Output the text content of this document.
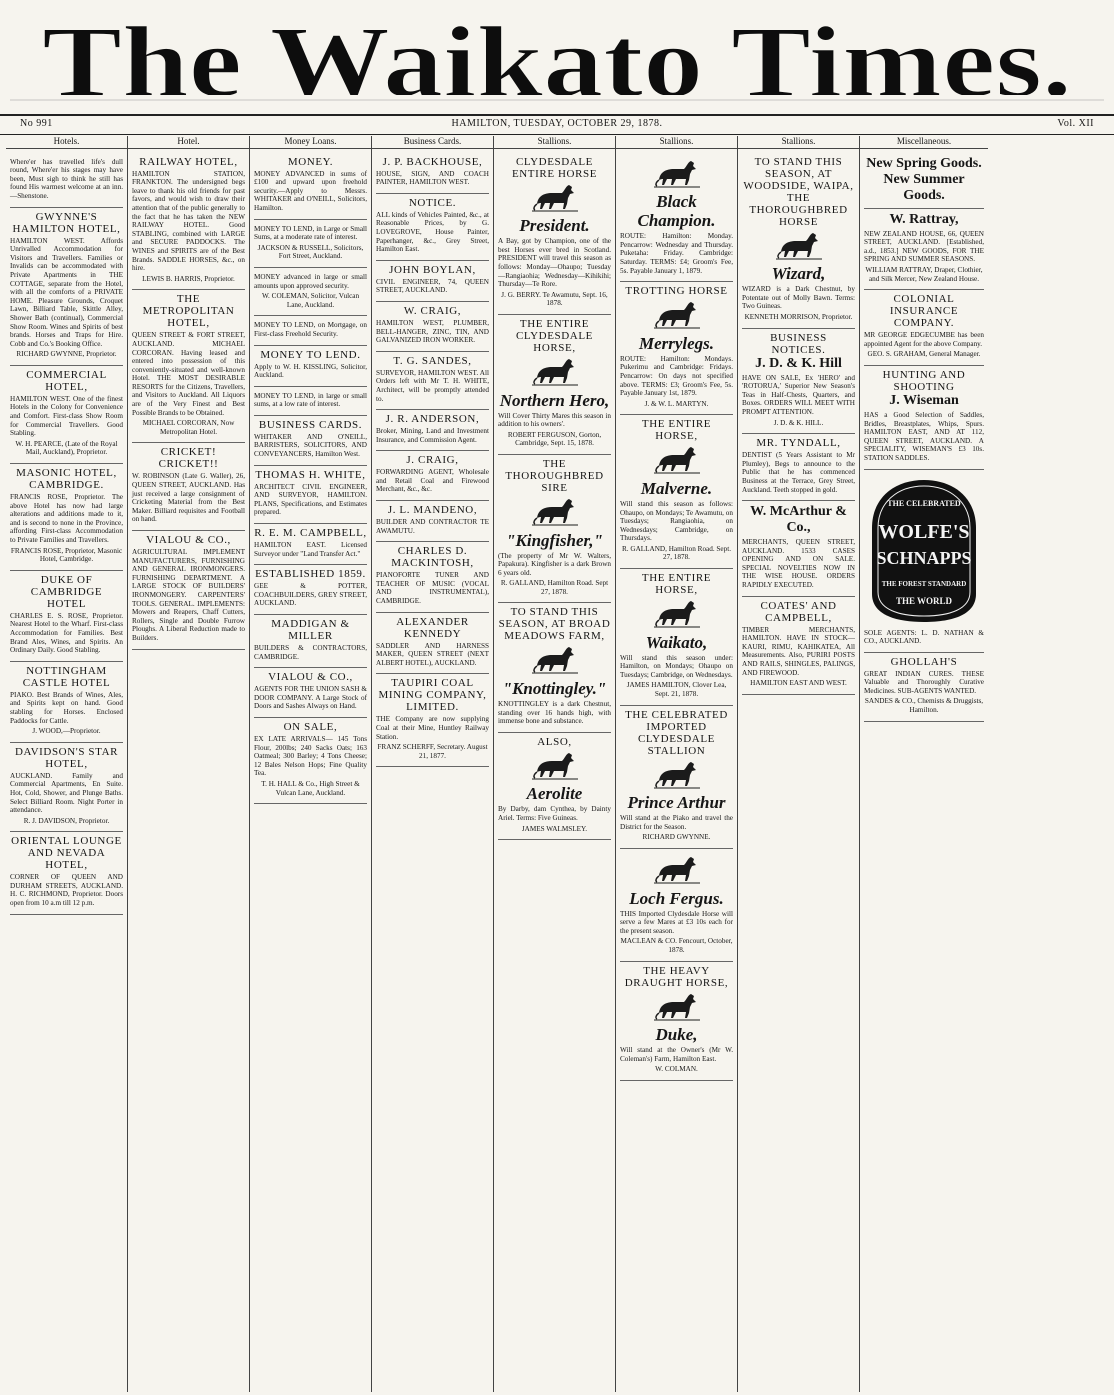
The Waikato Times.
No 991	HAMILTON, TUESDAY, OCTOBER 29, 1878.	Vol. XII
Hotels.

Where'er has travelled life's dull round, Where'er his stages may have been, Must sigh to think he still has found His warmest welcome at an inn. —Shenstone.

GWYNNE'S HAMILTON HOTEL,

HAMILTON WEST. Affords Unrivalled Accommodation for Visitors and Travellers. Families or Invalids can be accommodated with Private Apartments in THE COTTAGE, separate from the Hotel, with all the comforts of a PRIVATE HOME. Pleasure Grounds, Croquet Lawn, Billiard Table, Skittle Alley, Shower Bath (continual), Commercial Show Room. Wines and Spirits of best brands. Horses and Traps for Hire. Cobb and Co.'s Booking Office.

RICHARD GWYNNE, Proprietor.

COMMERCIAL HOTEL,

HAMILTON WEST. One of the finest Hotels in the Colony for Convenience and Comfort. First-class Show Room for Commercial Travellers. Good Stabling.

W. H. PEARCE, (Late of the Royal Mail, Auckland), Proprietor.

MASONIC HOTEL, CAMBRIDGE.

FRANCIS ROSE, Proprietor. The above Hotel has now had large alterations and additions made to it, and is second to none in the Province, affording First-class Accommodation to Private Families and Travellers.

FRANCIS ROSE, Proprietor, Masonic Hotel, Cambridge.

DUKE OF CAMBRIDGE HOTEL

CHARLES E. S. ROSE, Proprietor. Nearest Hotel to the Wharf. First-class Accommodation for Families. Best Brand Ales, Wines, and Spirits. An Ordinary Daily. Good Stabling.

NOTTINGHAM CASTLE HOTEL

PIAKO. Best Brands of Wines, Ales, and Spirits kept on hand. Good stabling for Horses. Enclosed Paddocks for Cattle.

J. WOOD,—Proprietor.

DAVIDSON'S STAR HOTEL,

AUCKLAND. Family and Commercial Apartments, En Suite. Hot, Cold, Shower, and Plunge Baths. Select Billiard Room. Night Porter in attendance.

R. J. DAVIDSON, Proprietor.

ORIENTAL LOUNGE AND NEVADA HOTEL,

CORNER OF QUEEN AND DURHAM STREETS, AUCKLAND. H. C. RICHMOND, Proprietor. Doors open from 10 a.m till 12 p.m.

Hotel.
RAILWAY HOTEL,

HAMILTON STATION, FRANKTON. The undersigned begs leave to thank his old friends for past favors, and would wish to draw their attention that of the public generally to the fact that he has taken the NEW RAILWAY HOTEL. Good STABLING, combined with LARGE and SECURE PADDOCKS. The WINES and SPIRITS are of the Best Brands. SADDLE HORSES, &c., on hire.

LEWIS B. HARRIS, Proprietor.

THE METROPOLITAN HOTEL,

QUEEN STREET & FORT STREET, AUCKLAND. MICHAEL CORCORAN. Having leased and entered into possession of this conveniently-situated and well-known Hotel. THE MOST DESIRABLE RESORTS for the Citizens, Travellers, and Visitors to Auckland. All Liquors are of the Very Finest and Best Possible Brands to be Obtained.

MICHAEL CORCORAN, Now Metropolitan Hotel.

CRICKET! CRICKET!!

W. ROBINSON (Late G. Waller), 26, QUEEN STREET, AUCKLAND. Has just received a large consignment of Cricketing Material from the Best Maker. Billiard requisites and Football on hand.

VIALOU & CO.,

AGRICULTURAL IMPLEMENT MANUFACTURERS, FURNISHING AND GENERAL IRONMONGERS. FURNISHING DEPARTMENT. A LARGE STOCK OF BUILDERS' IRONMONGERY. CARPENTERS' TOOLS. GENERAL. IMPLEMENTS: Mowers and Reapers, Chaff Cutters, Rollers, Single and Double Furrow Ploughs. A Liberal Reduction made to Builders.

Money Loans.
MONEY.

MONEY ADVANCED in sums of £100 and upward upon freehold security.—Apply to Messrs. WHITAKER and O'NEILL, Solicitors, Hamilton.

MONEY TO LEND, in Large or Small Sums, at a moderate rate of interest.

JACKSON & RUSSELL, Solicitors, Fort Street, Auckland.

MONEY advanced in large or small amounts upon approved security.

W. COLEMAN, Solicitor, Vulcan Lane, Auckland.

MONEY TO LEND, on Mortgage, on First-class Freehold Security.

MONEY TO LEND.

Apply to W. H. KISSLING, Solicitor, Auckland.

MONEY TO LEND, in large or small sums, at a low rate of interest.

BUSINESS CARDS.

WHITAKER AND O'NEILL, BARRISTERS, SOLICITORS, AND CONVEYANCERS, Hamilton West.

THOMAS H. WHITE,

ARCHITECT CIVIL ENGINEER, AND SURVEYOR, HAMILTON. PLANS, Specifications, and Estimates prepared.

R. E. M. CAMPBELL,

HAMILTON EAST. Licensed Surveyor under "Land Transfer Act."

ESTABLISHED 1859.

GEE & POTTER, COACHBUILDERS, GREY STREET, AUCKLAND.

MADDIGAN & MILLER

BUILDERS & CONTRACTORS, CAMBRIDGE.

VIALOU & CO.,

AGENTS FOR THE UNION SASH & DOOR COMPANY. A Large Stock of Doors and Sashes Always on Hand.

ON SALE,

EX LATE ARRIVALS— 145 Tons Flour, 200lbs; 240 Sacks Oats; 163 Oatmeal; 300 Barley; 4 Tons Cheese; 12 Bales Nelson Hops; Fine Quality Tea.

T. H. HALL & Co., High Street & Vulcan Lane, Auckland.

Business Cards.
J. P. BACKHOUSE,

HOUSE, SIGN, AND COACH PAINTER, HAMILTON WEST.

NOTICE.

ALL kinds of Vehicles Painted, &c., at Reasonable Prices, by G. LOVEGROVE, House Painter, Paperhanger, &c., Grey Street, Hamilton East.

JOHN BOYLAN,

CIVIL ENGINEER, 74, QUEEN STREET, AUCKLAND.

W. CRAIG,

HAMILTON WEST, PLUMBER, BELL-HANGER, ZINC, TIN, AND GALVANIZED IRON WORKER.

T. G. SANDES,

SURVEYOR, HAMILTON WEST. All Orders left with Mr T. H. WHITE, Architect, will be promptly attended to.

J. R. ANDERSON,

Broker, Mining, Land and Investment Insurance, and Commission Agent.

J. CRAIG,

FORWARDING AGENT, Wholesale and Retail Coal and Firewood Merchant, &c., &c.

J. L. MANDENO,

BUILDER AND CONTRACTOR TE AWAMUTU.

CHARLES D. MACKINTOSH,

PIANOFORTE TUNER AND TEACHER OF MUSIC (VOCAL AND INSTRUMENTAL), CAMBRIDGE.

ALEXANDER KENNEDY

SADDLER AND HARNESS MAKER, QUEEN STREET (NEXT ALBERT HOTEL), AUCKLAND.

TAUPIRI COAL MINING COMPANY, LIMITED.

THE Company are now supplying Coal at their Mine, Huntley Railway Station.

FRANZ SCHERFF, Secretary. August 21, 1877.

Stallions.
CLYDESDALE ENTIRE HORSE
President.

A Bay, got by Champion, one of the best Horses ever bred in Scotland. PRESIDENT will travel this season as follows: Monday—Ohaupo; Tuesday—Rangiaohia; Wednesday—Kihikihi; Thursday—Te Rore.

J. G. BERRY. Te Awamutu, Sept. 16, 1878.

THE ENTIRE CLYDESDALE HORSE,
Northern Hero,

Will Cover Thirty Mares this season in addition to his owners'.

ROBERT FERGUSON, Gorton, Cambridge, Sept. 15, 1878.

THE THOROUGHBRED SIRE
"Kingfisher,"

(The property of Mr W. Walters, Papakura). Kingfisher is a dark Brown 6 years old.

R. GALLAND, Hamilton Road. Sept 27, 1878.

TO STAND THIS SEASON, AT BROAD MEADOWS FARM,
"Knottingley."

KNOTTINGLEY is a dark Chestnut, standing over 16 hands high, with immense bone and substance.

ALSO,
Aerolite

By Darby, dam Cynthea, by Dainty Ariel. Terms: Five Guineas.

JAMES WALMSLEY.

Stallions.
Black Champion.

ROUTE: Hamilton: Monday. Pencarrow: Wednesday and Thursday. Puketaha: Friday. Cambridge: Saturday. TERMS: £4; Groom's Fee, 5s. Payable January 1, 1879.

TROTTING HORSE
Merrylegs.

ROUTE: Hamilton: Mondays. Pukerimu and Cambridge: Fridays. Pencarrow: On days not specified above. TERMS: £3; Groom's Fee, 5s. Payable January 1st, 1879.

J. & W. L. MARTYN.

THE ENTIRE HORSE,
Malverne.

Will stand this season as follows: Ohaupo, on Mondays; Te Awamutu, on Tuesdays; Rangiaohia, on Wednesdays; Cambridge, on Thursdays.

R. GALLAND, Hamilton Road. Sept. 27, 1878.

THE ENTIRE HORSE,
Waikato,

Will stand this season under: Hamilton, on Mondays; Ohaupo on Tuesdays; Cambridge, on Wednesdays.

JAMES HAMILTON, Clover Lea, Sept. 21, 1878.

THE CELEBRATED IMPORTED CLYDESDALE STALLION
Prince Arthur

Will stand at the Piako and travel the District for the Season.

RICHARD GWYNNE.

Loch Fergus.

THIS Imported Clydesdale Horse will serve a few Mares at £3 10s each for the present season.

MACLEAN & CO. Fencourt, October, 1878.

THE HEAVY DRAUGHT HORSE,
Duke,

Will stand at the Owner's (Mr W. Coleman's) Farm, Hamilton East.

W. COLMAN.

Stallions.
TO STAND THIS SEASON, AT WOODSIDE, WAIPA, THE THOROUGHBRED HORSE
Wizard,

WIZARD is a Dark Chestnut, by Potentate out of Molly Bawn. Terms: Two Guineas.

KENNETH MORRISON, Proprietor.

BUSINESS NOTICES.
J. D. & K. Hill

HAVE ON SALE, Ex 'HERO' and 'ROTORUA,' Superior New Season's Teas in Half-Chests, Quarters, and Boxes. ORDERS WILL MEET WITH PROMPT ATTENTION.

J. D. & K. HILL.

MR. TYNDALL,

DENTIST (5 Years Assistant to Mr Plumley), Begs to announce to the Public that he has commenced Business at the Terrace, Grey Street, Auckland. Teeth stopped in gold.

W. McArthur & Co.,

MERCHANTS, QUEEN STREET, AUCKLAND. 1533 CASES OPENING AND ON SALE. SPECIAL NOVELTIES NOW IN THE WISE HOUSE. ORDERS RAPIDLY EXECUTED.

COATES' AND CAMPBELL,

TIMBER MERCHANTS, HAMILTON. HAVE IN STOCK— KAURI, RIMU, KAHIKATEA, All Measurements. Also, PURIRI POSTS AND RAILS, SHINGLES, PALINGS, AND FIREWOOD.

HAMILTON EAST AND WEST.

Miscellaneous.
New Spring Goods. New Summer Goods.
W. Rattray,

NEW ZEALAND HOUSE, 66, QUEEN STREET, AUCKLAND. [Established, a.d., 1853.] NEW GOODS, FOR THE SPRING AND SUMMER SEASONS.

WILLIAM RATTRAY, Draper, Clothier, and Silk Mercer, New Zealand House.

COLONIAL INSURANCE COMPANY.

MR GEORGE EDGECUMBE has been appointed Agent for the above Company.

GEO. S. GRAHAM, General Manager.

HUNTING AND SHOOTING
J. Wiseman

HAS a Good Selection of Saddles, Bridles, Breastplates, Whips, Spurs. HAMILTON EAST, AND AT 112, QUEEN STREET, AUCKLAND. A SPECIALITY, WISEMAN'S £3 10s. STATION SADDLES.

THE CELEBRATED
WOLFE'S
SCHNAPPS
THE FOREST STANDARD
THE WORLD

SOLE AGENTS: L. D. NATHAN & CO., AUCKLAND.

GHOLLAH'S

GREAT INDIAN CURES. THESE Valuable and Thoroughly Curative Medicines. SUB-AGENTS WANTED.

SANDES & CO., Chemists & Druggists, Hamilton.
